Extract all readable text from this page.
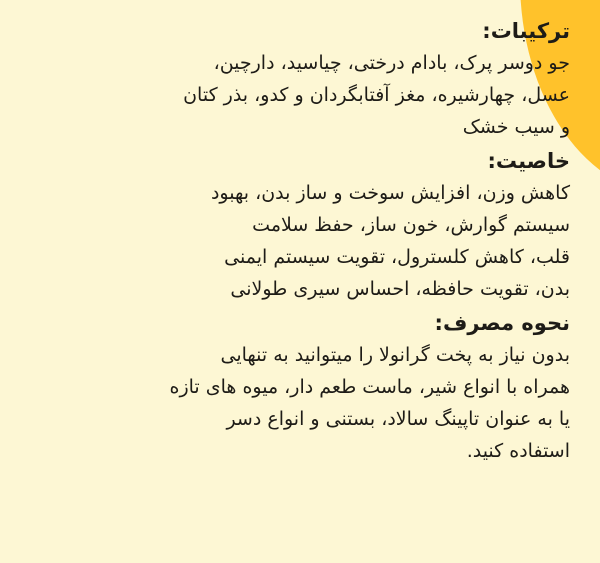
ترکیبات:

جو دوسر پرک، بادام درختی، چیاسید، دارچین،

عسل، چهارشیره، مغز آفتابگردان و کدو، بذر کتان

و سیب خشک

خاصیت:

کاهش وزن، افزایش سوخت و ساز بدن، بهبود

سیستم گوارش، خون ساز، حفظ سلامت

قلب، کاهش کلسترول، تقویت سیستم ایمنی

بدن، تقویت حافظه، احساس سیری طولانی

نحوه مصرف:

بدون نیاز به پخت گرانولا را میتوانید به تنهایی

همراه با انواع شیر، ماست طعم دار، میوه های تازه

یا به عنوان تاپینگ سالاد، بستنی و انواع دسر

استفاده کنید.
